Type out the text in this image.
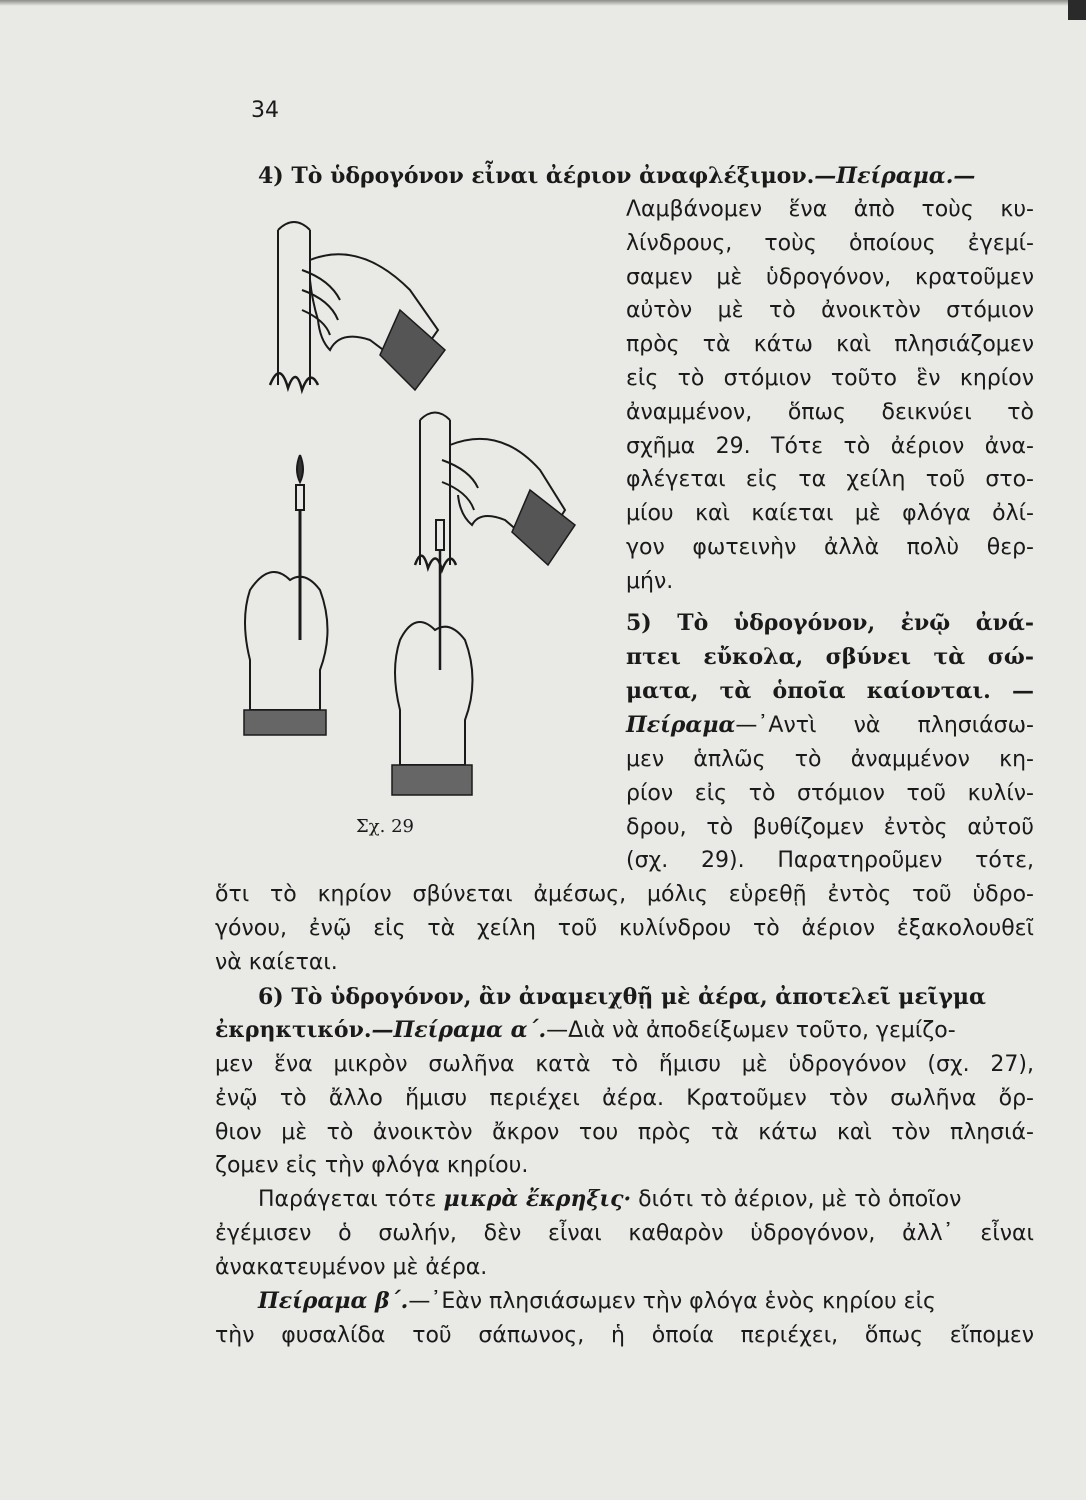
34
4) Τὸ ὑδρογόνον εἶναι ἀέριον ἀναφλέξιμον.—Πείραμα.—
Λαμβάνομεν ἕνα ἀπὸ τοὺς κυ-
λίνδρους, τοὺς ὁποίους ἐγεμί-
σαμεν μὲ ὑδρογόνον, κρατοῦμεν
αὐτὸν μὲ τὸ ἀνοικτὸν στόμιον
πρὸς τὰ κάτω καὶ πλησιάζομεν
εἰς τὸ στόμιον τοῦτο ἓν κηρίον
ἀναμμένον, ὅπως δεικνύει τὸ
σχῆμα 29. Τότε τὸ ἀέριον ἀνα-
φλέγεται εἰς τα χείλη τοῦ στο-
μίου καὶ καίεται μὲ φλόγα ὀλί-
γον φωτεινὴν ἀλλὰ πολὺ θερ-
μήν.
5) Τὸ ὑδρογόνον, ἐνῷ ἀνά-
πτει εὔκολα, σβύνει τὰ σώ-
ματα, τὰ ὁποῖα καίονται. —
Πείραμα—᾿Αντὶ νὰ πλησιάσω-
μεν ἁπλῶς τὸ ἀναμμένον κη-
ρίον εἰς τὸ στόμιον τοῦ κυλίν-
δρου, τὸ βυθίζομεν ἐντὸς αὐτοῦ
(σχ. 29). Παρατηροῦμεν τότε,
ὅτι τὸ κηρίον σβύνεται ἀμέσως, μόλις εὑρεθῇ ἐντὸς τοῦ ὑδρο-
γόνου, ἐνῷ εἰς τὰ χείλη τοῦ κυλίνδρου τὸ ἀέριον ἐξακολουθεῖ
νὰ καίεται.
6) Τὸ ὑδρογόνον, ἂν ἀναμειχθῇ μὲ ἀέρα, ἀποτελεῖ μεῖγμα
ἐκρηκτικόν.—Πείραμα α΄.—Διὰ νὰ ἀποδείξωμεν τοῦτο, γεμίζο-
μεν ἕνα μικρὸν σωλῆνα κατὰ τὸ ἥμισυ μὲ ὑδρογόνον (σχ. 27),
ἐνῷ τὸ ἄλλο ἥμισυ περιέχει ἀέρα. Κρατοῦμεν τὸν σωλῆνα ὄρ-
θιον μὲ τὸ ἀνοικτὸν ἄκρον του πρὸς τὰ κάτω καὶ τὸν πλησιά-
ζομεν εἰς τὴν φλόγα κηρίου.
Παράγεται τότε μικρὰ ἔκρηξις· διότι τὸ ἀέριον, μὲ τὸ ὁποῖον
ἐγέμισεν ὁ σωλήν, δὲν εἶναι καθαρὸν ὑδρογόνον, ἀλλ᾿ εἶναι
ἀνακατευμένον μὲ ἀέρα.
Πείραμα β΄.—᾿Εὰν πλησιάσωμεν τὴν φλόγα ἑνὸς κηρίου εἰς
τὴν φυσαλίδα τοῦ σάπωνος, ἡ ὁποία περιέχει, ὅπως εἴπομεν
Σχ. 29
